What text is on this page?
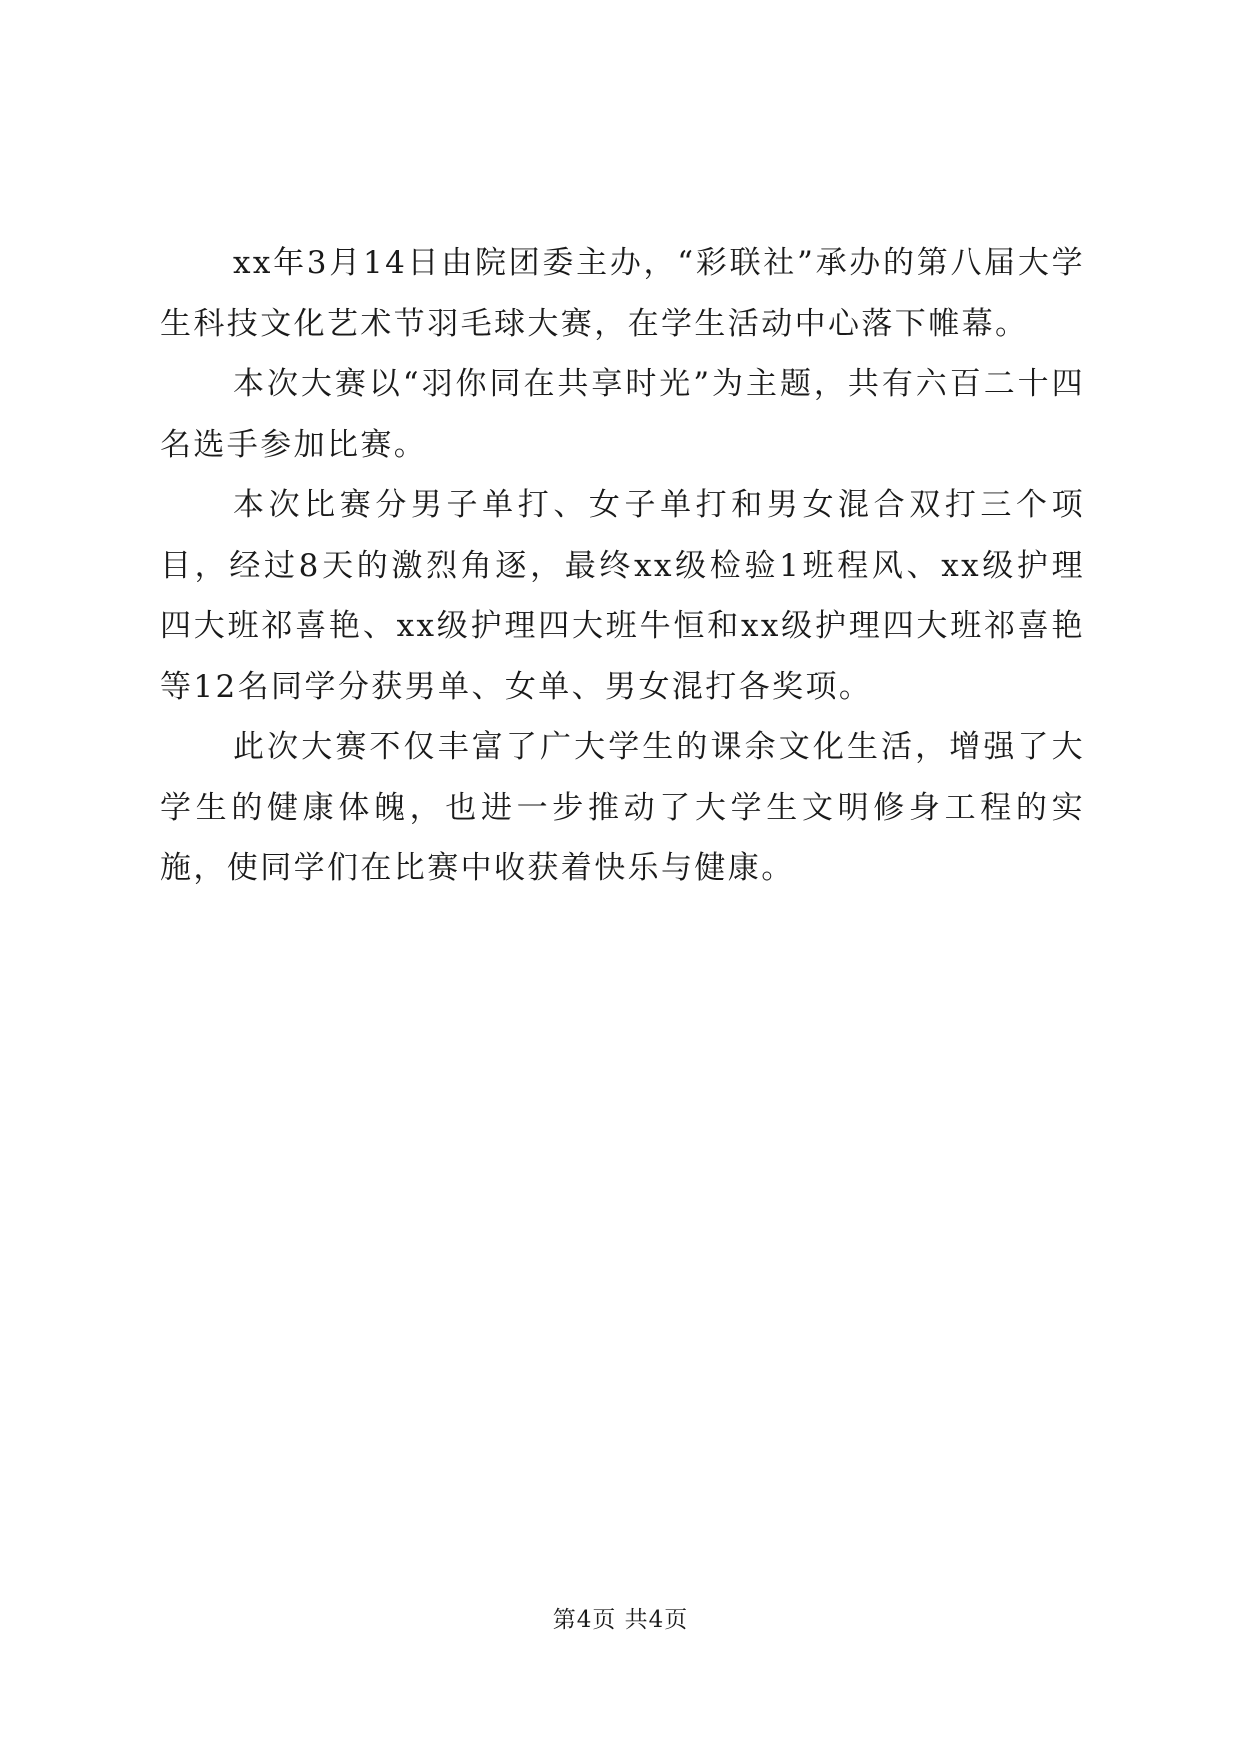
xx年3月14日由院团委主办，“彩联社”承办的第八届大学生科技文化艺术节羽毛球大赛，在学生活动中心落下帷幕。

本次大赛以“羽你同在共享时光”为主题，共有六百二十四名选手参加比赛。

本次比赛分男子单打、女子单打和男女混合双打三个项目，经过8天的激烈角逐，最终xx级检验1班程风、xx级护理四大班祁喜艳、xx级护理四大班牛恒和xx级护理四大班祁喜艳等12名同学分获男单、女单、男女混打各奖项。

此次大赛不仅丰富了广大学生的课余文化生活，增强了大学生的健康体魄，也进一步推动了大学生文明修身工程的实施，使同学们在比赛中收获着快乐与健康。

第4页 共4页
